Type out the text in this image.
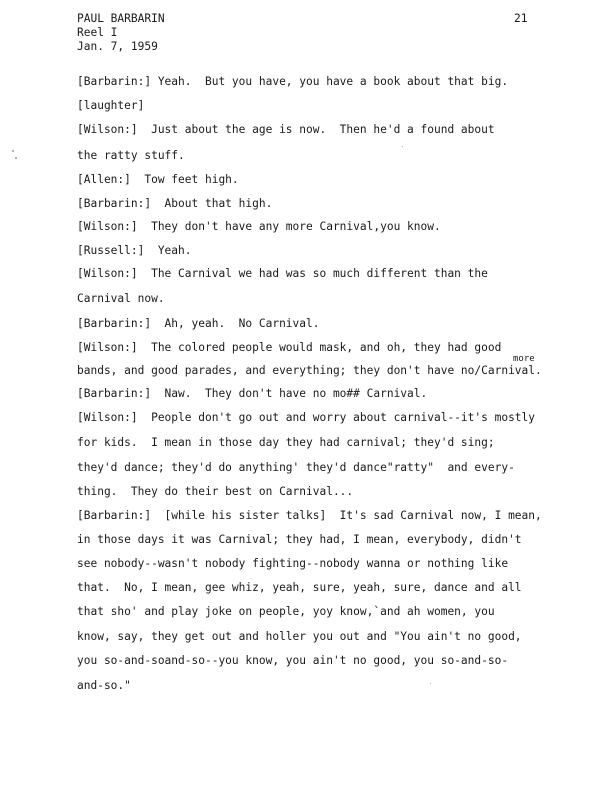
PAUL BARBARIN
Reel I
Jan. 7, 1959
21
[Barbarin:] Yeah.  But you have, you have a book about that big.
[laughter]
[Wilson:]  Just about the age is now.  Then he'd a found about
the ratty stuff.
[Allen:]  Tow feet high.
[Barbarin:]  About that high.
[Wilson:]  They don't have any more Carnival,you know.
[Russell:]  Yeah.
[Wilson:]  The Carnival we had was so much different than the
Carnival now.
[Barbarin:]  Ah, yeah.  No Carnival.
[Wilson:]  The colored people would mask, and oh, they had good
more
bands, and good parades, and everything; they don't have no/Carnival.
[Barbarin:]  Naw.  They don't have no mo## Carnival.
[Wilson:]  People don't go out and worry about carnival--it's mostly
for kids.  I mean in those day they had carnival; they'd sing;
they'd dance; they'd do anything' they'd dance"ratty"  and every-
thing.  They do their best on Carnival...
[Barbarin:]  [while his sister talks]  It's sad Carnival now, I mean,
in those days it was Carnival; they had, I mean, everybody, didn't
see nobody--wasn't nobody fighting--nobody wanna or nothing like
that.  No, I mean, gee whiz, yeah, sure, yeah, sure, dance and all
that sho' and play joke on people, yoy know,`and ah women, you
know, say, they get out and holler you out and "You ain't no good,
you so-and-soand-so--you know, you ain't no good, you so-and-so-
and-so."
